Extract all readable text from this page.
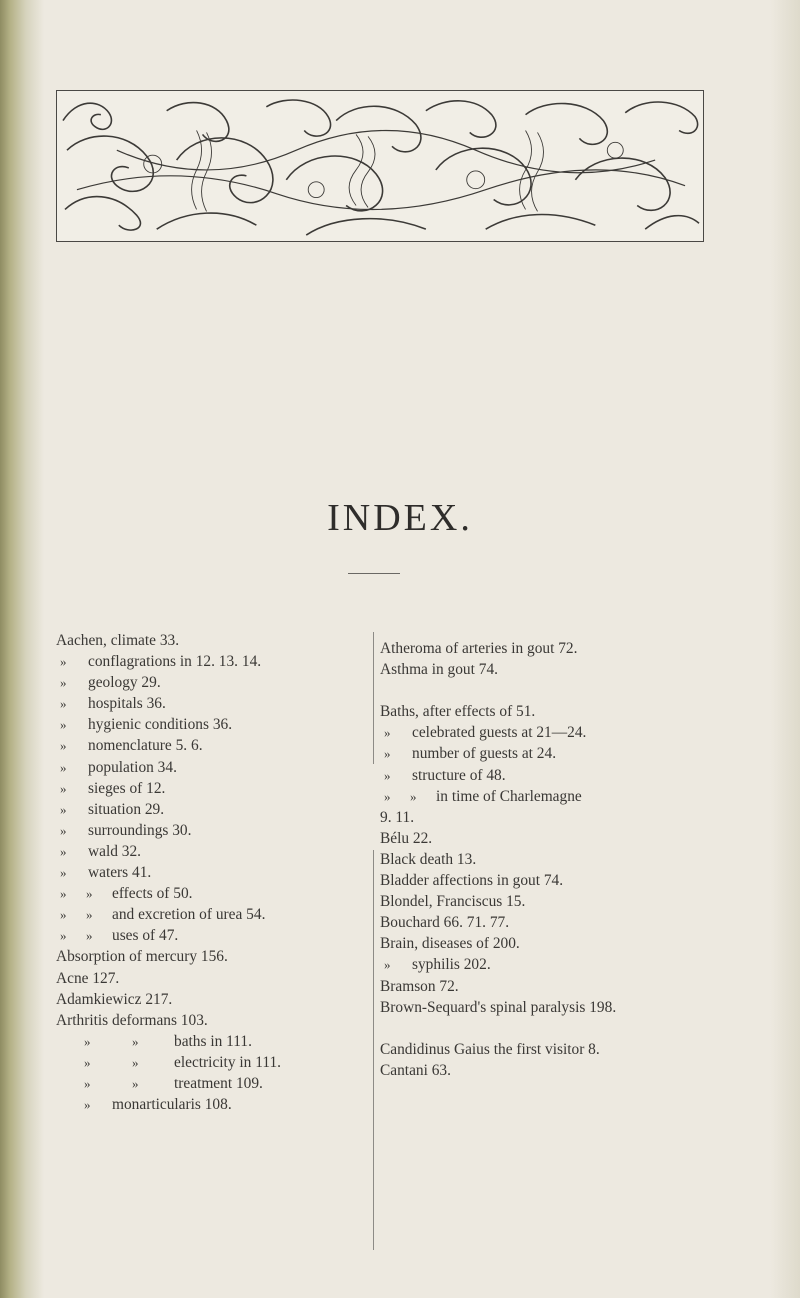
INDEX.
Aachen, climate 33.
»	conflagrations in 12. 13. 14.
»	geology 29.
»	hospitals 36.
»	hygienic conditions 36.
»	nomenclature 5. 6.
»	population 34.
»	sieges of 12.
»	situation 29.
»	surroundings 30.
»	wald 32.
»	waters 41.
»	»	effects of 50.
»	»	and excretion of urea 54.
»	»	uses of 47.
Absorption of mercury 156.
Acne 127.
Adamkiewicz 217.
Arthritis deformans 103.
»	»	baths in 111.
»	»	electricity in 111.
»	»	treatment 109.
»	monarticularis 108.
Atheroma of arteries in gout 72.
Asthma in gout 74.
Baths, after effects of 51.
»	celebrated guests at 21—24.
»	number of guests at 24.
»	structure of 48.
»	»	in time of Charlemagne
9. 11.
Bélu 22.
Black death 13.
Bladder affections in gout 74.
Blondel, Franciscus 15.
Bouchard 66. 71. 77.
Brain, diseases of 200.
»	syphilis 202.
Bramson 72.
Brown-Sequard's spinal paralysis 198.
Candidinus Gaius the first visitor 8.
Cantani 63.
